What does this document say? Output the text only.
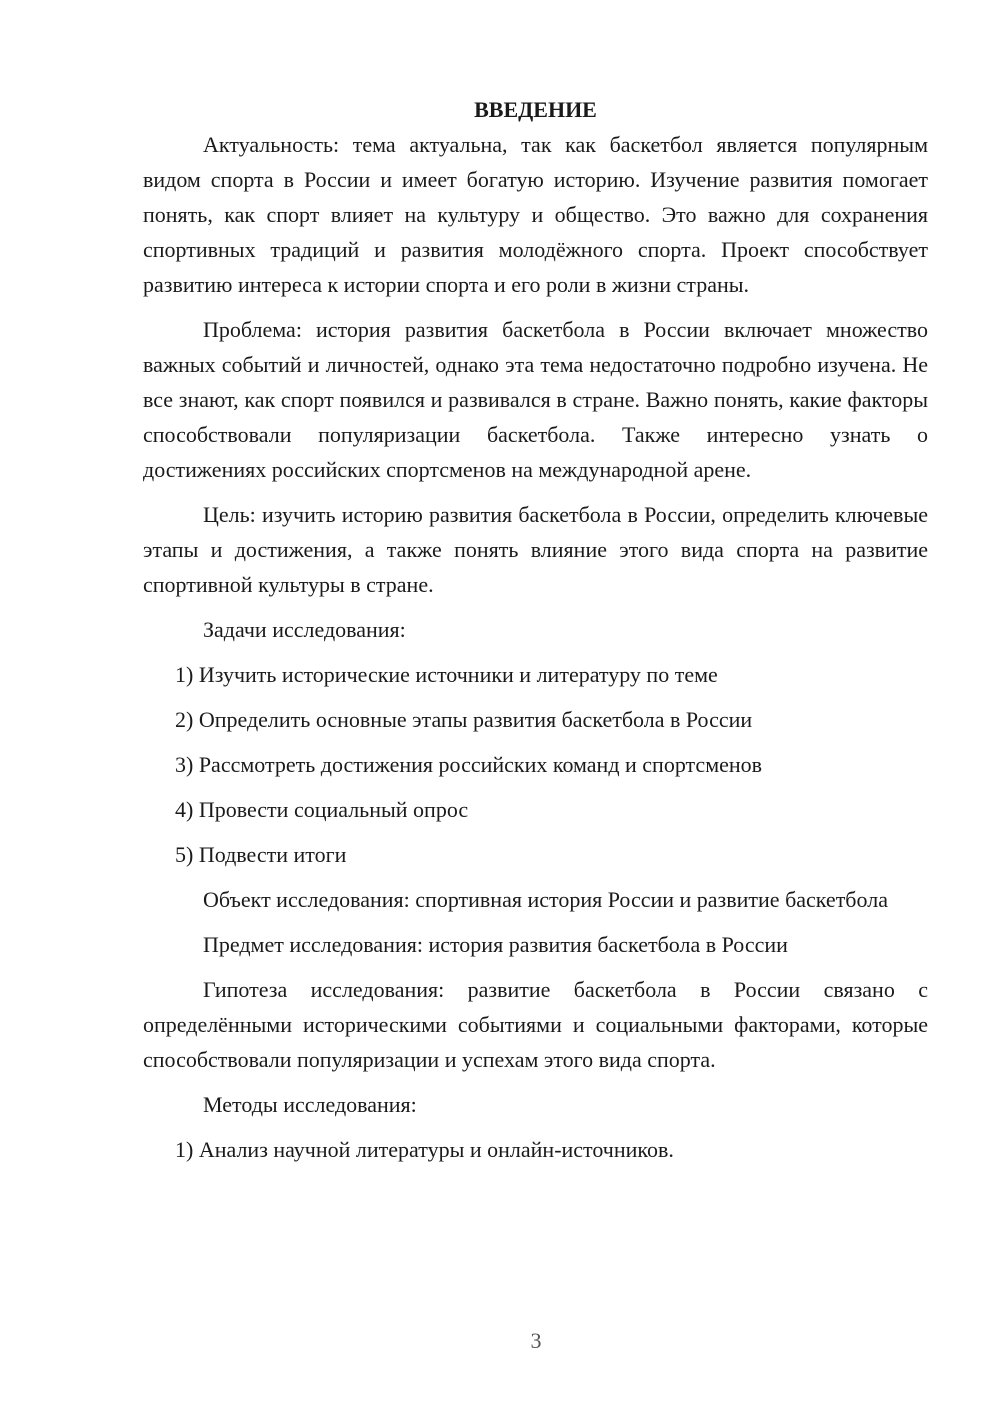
ВВЕДЕНИЕ

Актуальность: тема актуальна, так как баскетбол является популярным видом спорта в России и имеет богатую историю. Изучение развития помогает понять, как спорт влияет на культуру и общество. Это важно для сохранения спортивных традиций и развития молодёжного спорта. Проект способствует развитию интереса к истории спорта и его роли в жизни страны.

Проблема: история развития баскетбола в России включает множество важных событий и личностей, однако эта тема недостаточно подробно изучена. Не все знают, как спорт появился и развивался в стране. Важно понять, какие факторы способствовали популяризации баскетбола. Также интересно узнать о достижениях российских спортсменов на международной арене.

Цель: изучить историю развития баскетбола в России, определить ключевые этапы и достижения, а также понять влияние этого вида спорта на развитие спортивной культуры в стране.

Задачи исследования:

1) Изучить исторические источники и литературу по теме

2) Определить основные этапы развития баскетбола в России

3) Рассмотреть достижения российских команд и спортсменов

4) Провести социальный опрос

5) Подвести итоги

Объект исследования: спортивная история России и развитие баскетбола

Предмет исследования: история развития баскетбола в России

Гипотеза исследования: развитие баскетбола в России связано с определёнными историческими событиями и социальными факторами, которые способствовали популяризации и успехам этого вида спорта.

Методы исследования:

1) Анализ научной литературы и онлайн-источников.

3
